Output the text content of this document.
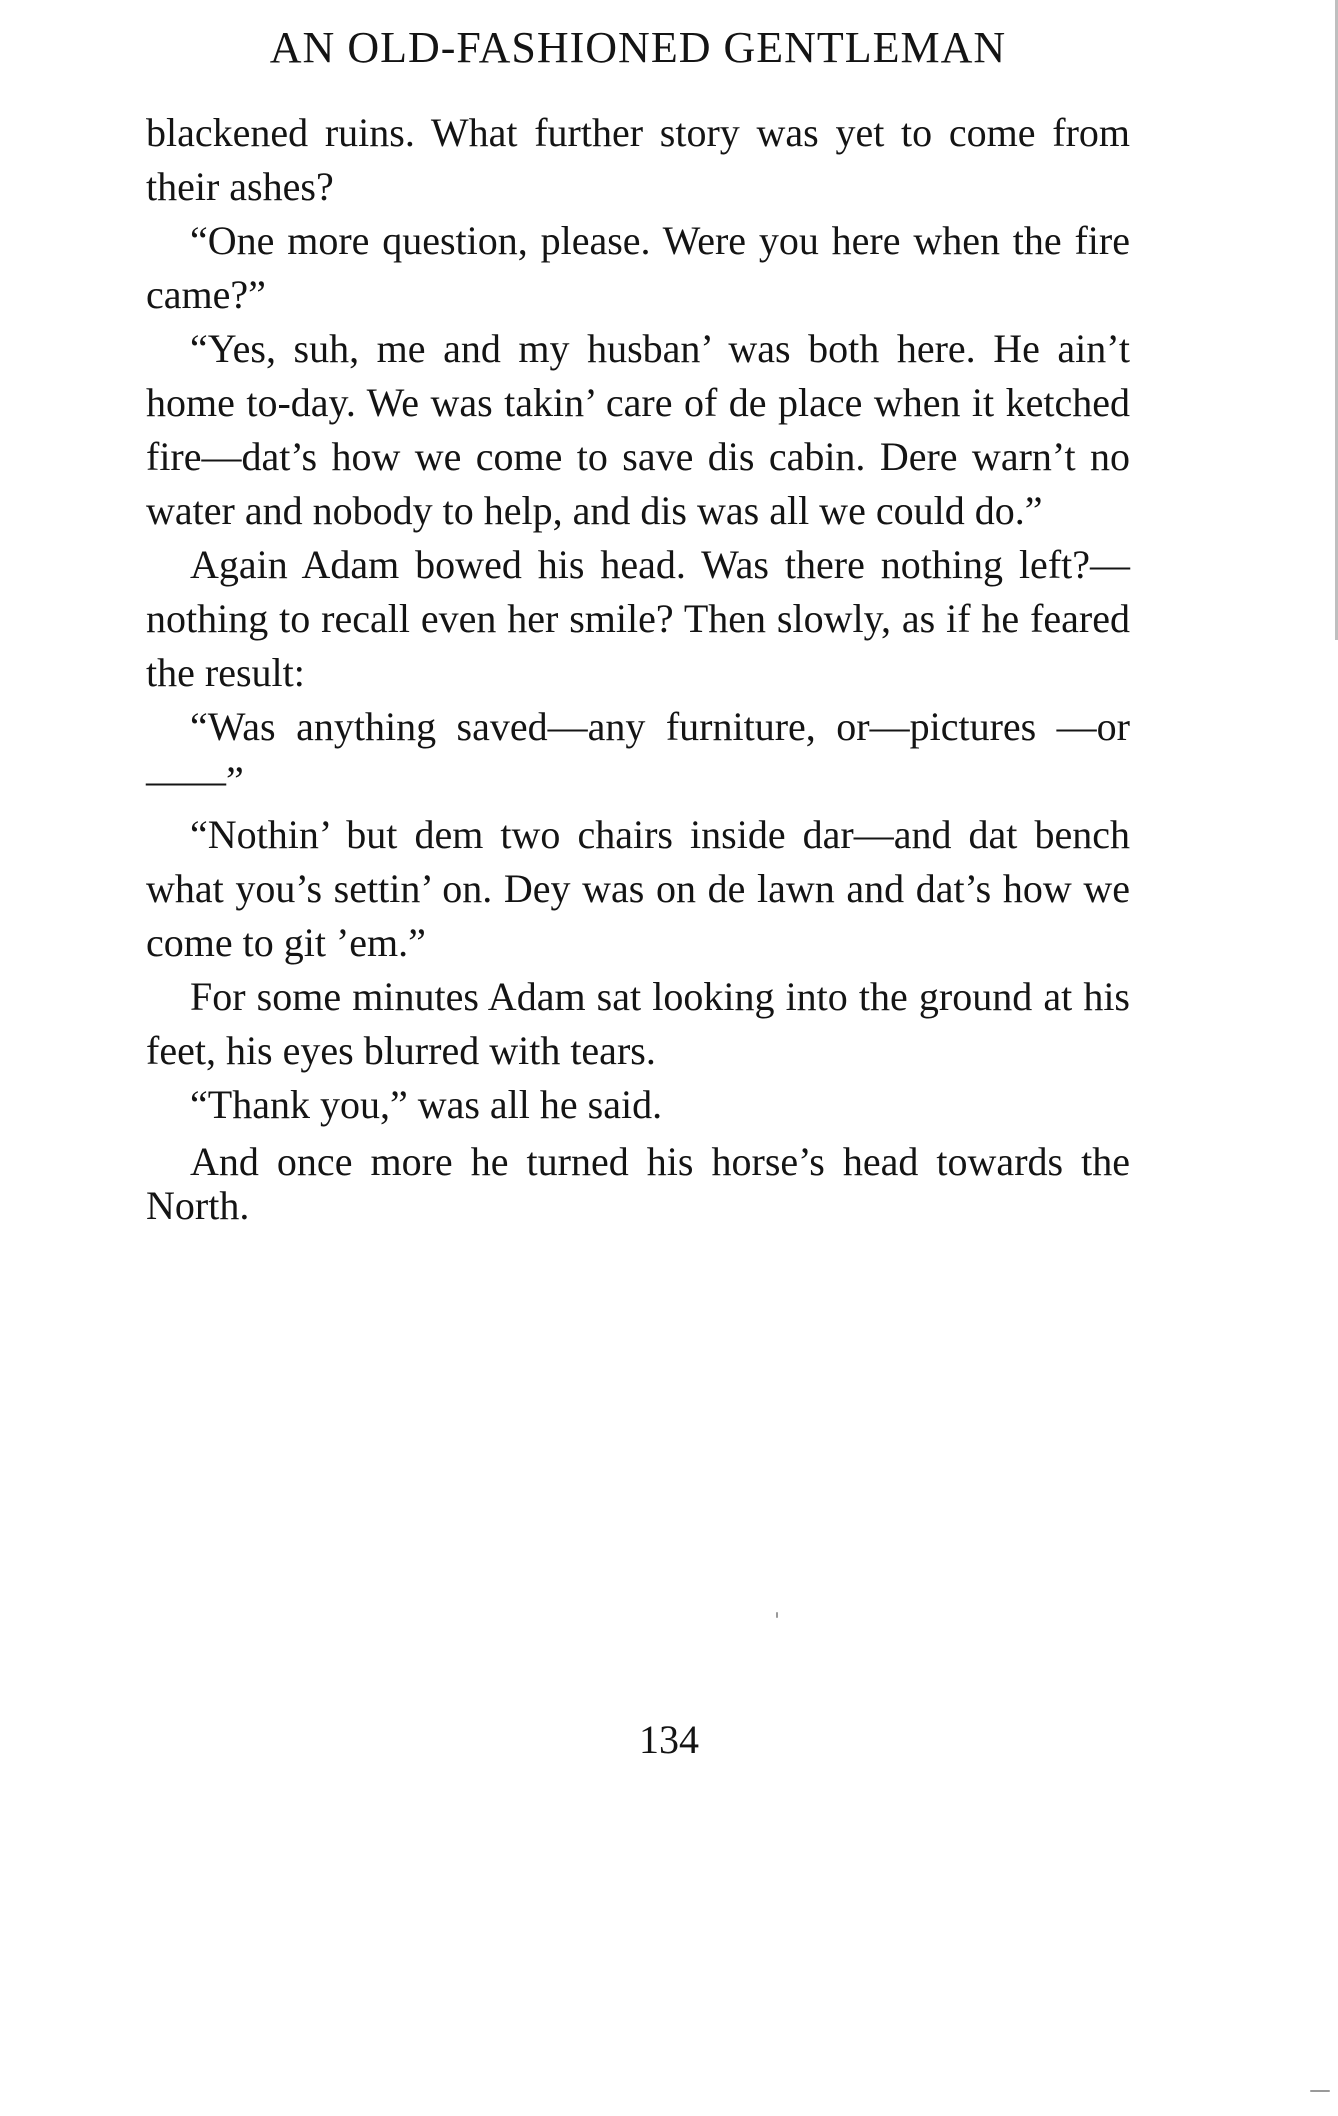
AN OLD-FASHIONED GENTLEMAN

blackened ruins. What further story was yet to come from their ashes?

“One more question, please. Were you here when the fire came?”

“Yes, suh, me and my husban’ was both here. He ain’t home to-day. We was takin’ care of de place when it ketched fire—dat’s how we come to save dis cabin. Dere warn’t no water and nobody to help, and dis was all we could do.”

Again Adam bowed his head. Was there nothing left?—nothing to recall even her smile? Then slowly, as if he feared the result:

“Was anything saved—any furniture, or—pictures —or——”

“Nothin’ but dem two chairs inside dar—and dat bench what you’s settin’ on. Dey was on de lawn and dat’s how we come to git ’em.”

For some minutes Adam sat looking into the ground at his feet, his eyes blurred with tears.

“Thank you,” was all he said.

And once more he turned his horse’s head towards the North.

134
